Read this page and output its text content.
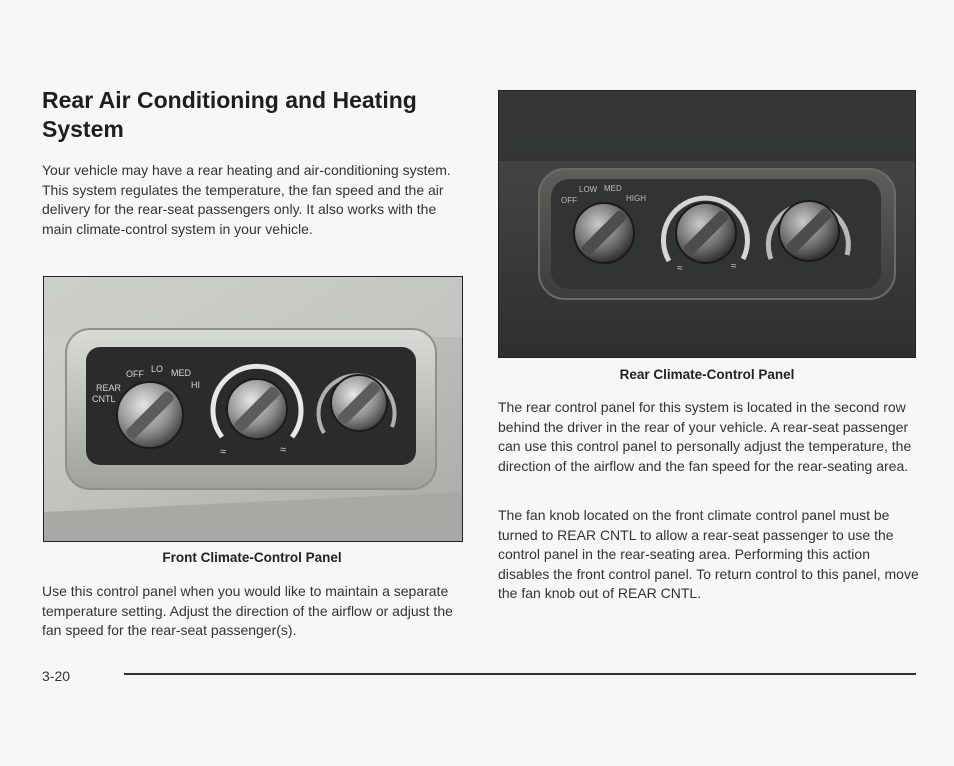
Rear Air Conditioning and Heating System

Your vehicle may have a rear heating and air-conditioning system. This system regulates the temperature, the fan speed and the air delivery for the rear-seat passengers only. It also works with the main climate-control system in your vehicle.

REAR
CNTL
OFF LO MED
HI
≈	≈

Front Climate-Control Panel

Use this control panel when you would like to maintain a separate temperature setting. Adjust the direction of the airflow or adjust the fan speed for the rear-seat passenger(s).

OFF
LOW MED
HIGH
≈	≈

Rear Climate-Control Panel

The rear control panel for this system is located in the second row behind the driver in the rear of your vehicle. A rear-seat passenger can use this control panel to personally adjust the temperature, the direction of the airflow and the fan speed for the rear-seating area.

The fan knob located on the front climate control panel must be turned to REAR CNTL to allow a rear-seat passenger to use the control panel in the rear-seating area. Performing this action disables the front control panel. To return control to this panel, move the fan knob out of REAR CNTL.

3-20
